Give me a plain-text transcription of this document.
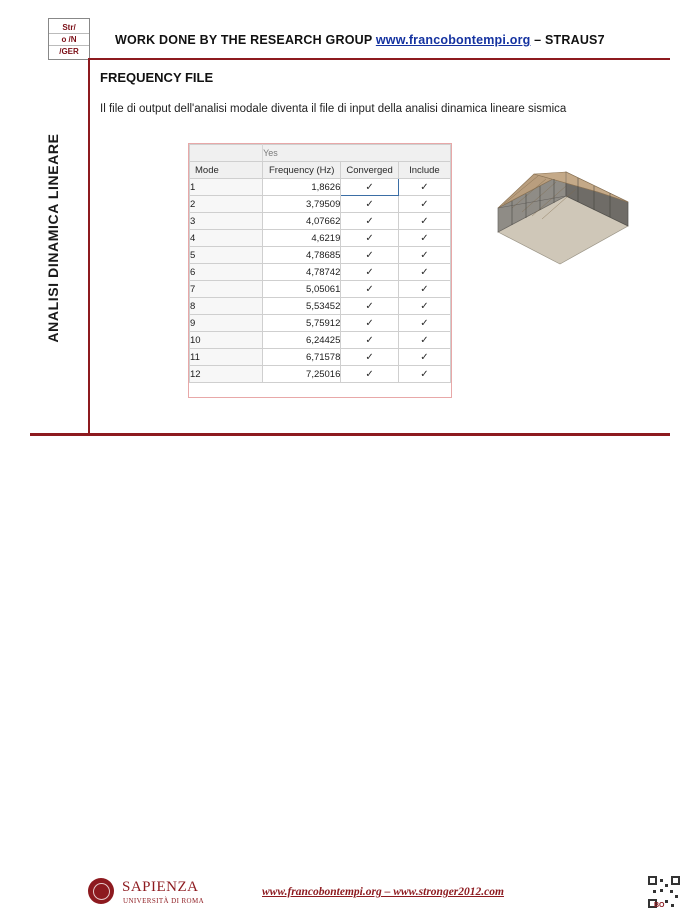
Str/
o /N
/GER
WORK DONE BY THE RESEARCH GROUP www.francobontempi.org – STRAUS7
ANALISI DINAMICA LINEARE
FREQUENCY FILE
Il file di output dell'analisi modale diventa il file di input della analisi dinamica lineare sismica
	Yes		
Mode	Frequency (Hz)	Converged	Include
1	1,8626	✓	✓
2	3,79509	✓	✓
3	4,07662	✓	✓
4	4,6219	✓	✓
5	4,78685	✓	✓
6	4,78742	✓	✓
7	5,05061	✓	✓
8	5,53452	✓	✓
9	5,75912	✓	✓
10	6,24425	✓	✓
11	6,71578	✓	✓
12	7,25016	✓	✓
SAPIENZA
UNIVERSITÀ DI ROMA
www.francobontempi.org – www.stronger2012.com
BO
